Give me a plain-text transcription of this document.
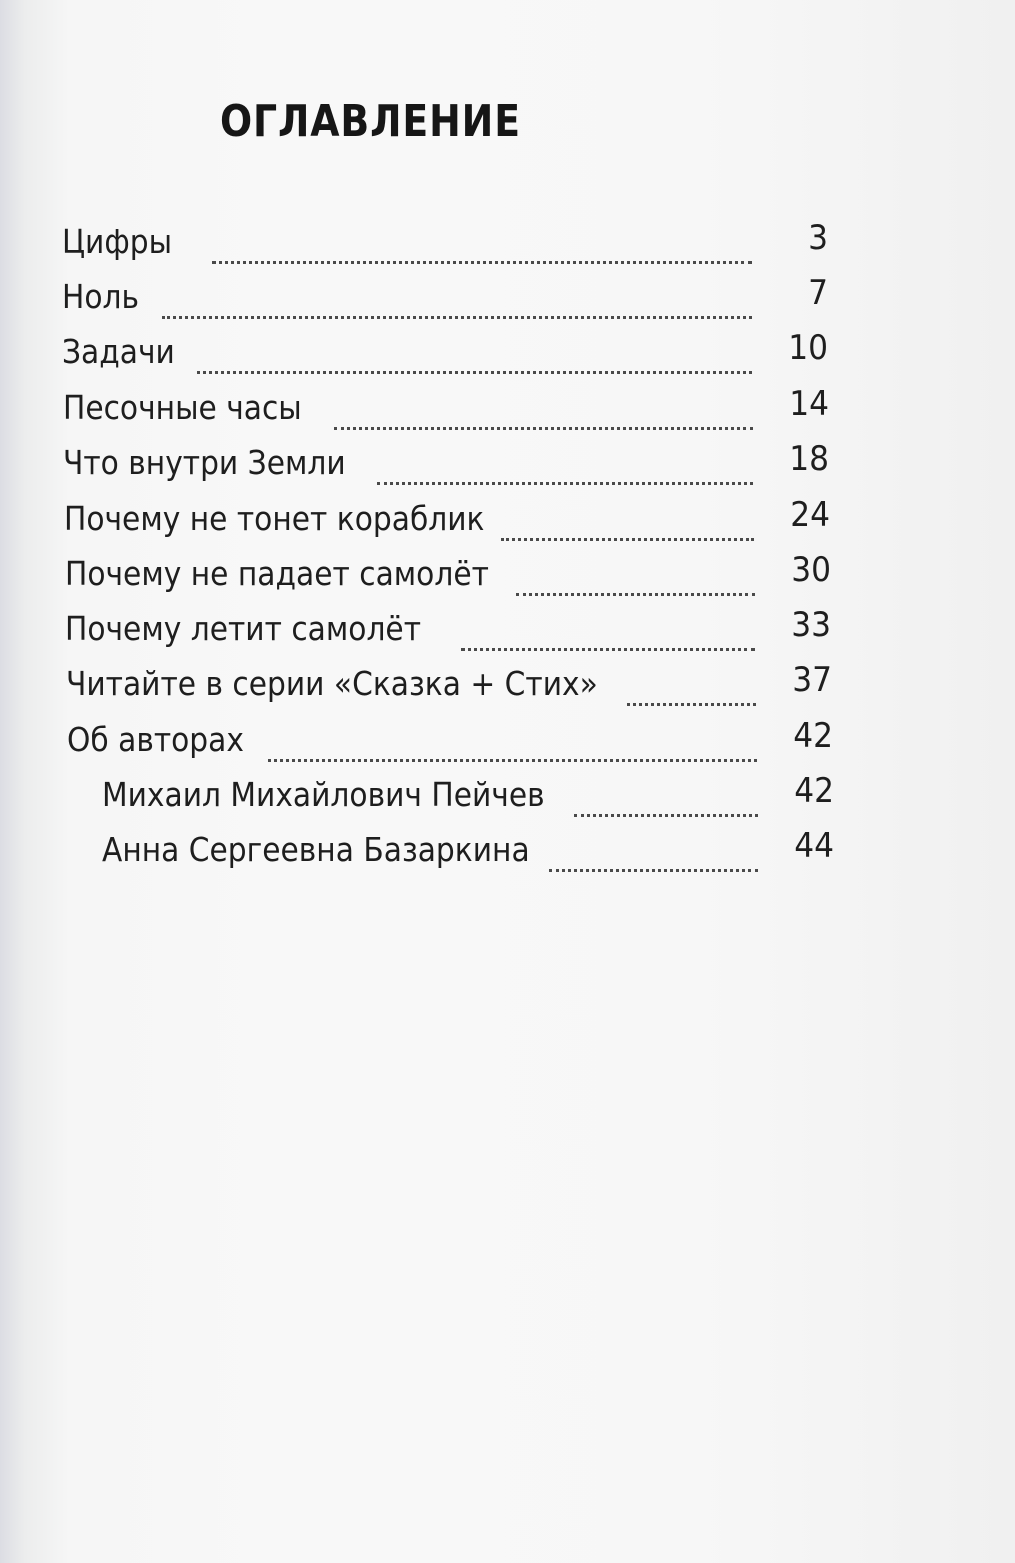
ОГЛАВЛЕНИЕ
Цифры	3
Ноль	7
Задачи	10
Песочные часы	14
Что внутри Земли	18
Почему не тонет кораблик	24
Почему не падает самолёт	30
Почему летит самолёт	33
Читайте в серии «Сказка + Стих»	37
Об авторах	42
Михаил Михайлович Пейчев	42
Анна Сергеевна Базаркина	44
